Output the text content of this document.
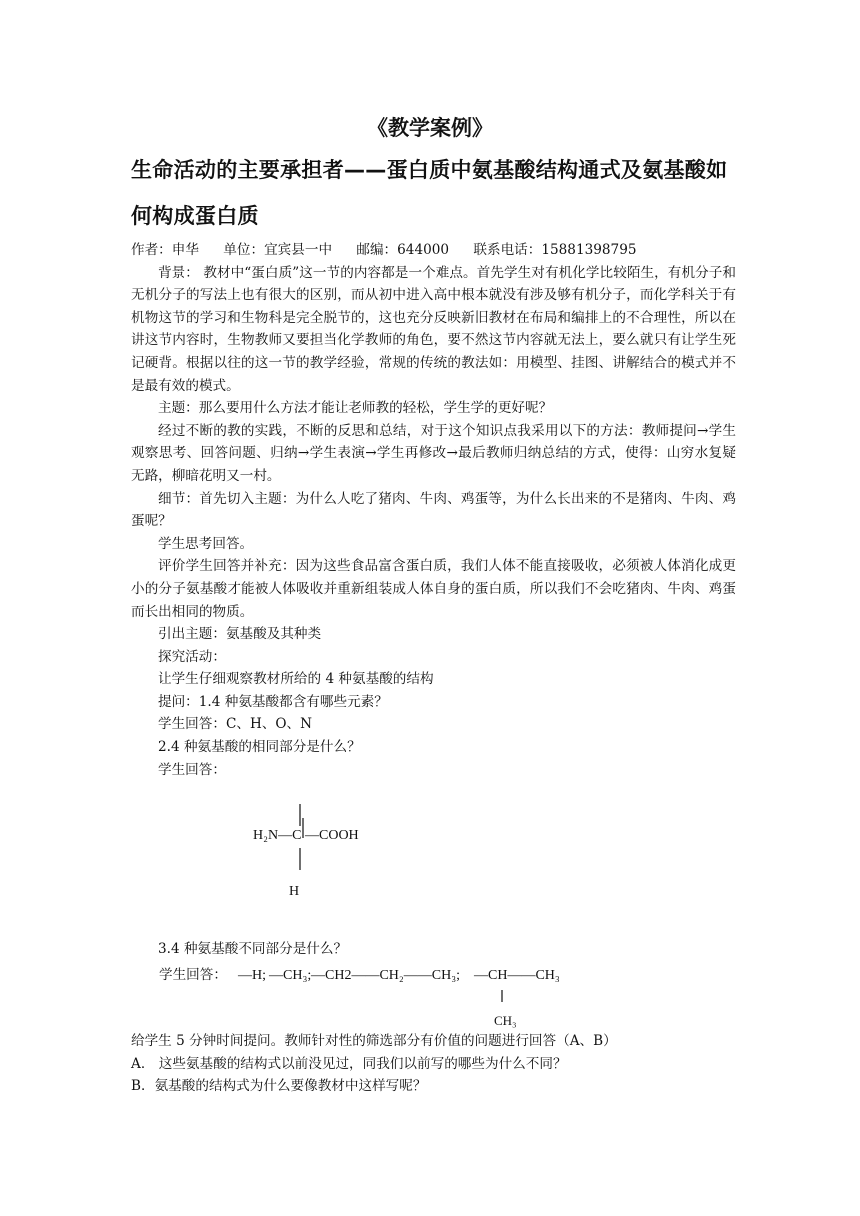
《教学案例》
生命活动的主要承担者——蛋白质中氨基酸结构通式及氨基酸如何构成蛋白质

作者：申华 单位：宜宾县一中 邮编：644000 联系电话：15881398795

背景： 教材中“蛋白质”这一节的内容都是一个难点。首先学生对有机化学比较陌生，有机分子和无机分子的写法上也有很大的区别，而从初中进入高中根本就没有涉及够有机分子，而化学科关于有机物这节的学习和生物科是完全脱节的，这也充分反映新旧教材在布局和编排上的不合理性，所以在讲这节内容时，生物教师又要担当化学教师的角色，要不然这节内容就无法上，要么就只有让学生死记硬背。根据以往的这一节的教学经验，常规的传统的教法如：用模型、挂图、讲解结合的模式并不是最有效的模式。

主题：那么要用什么方法才能让老师教的轻松，学生学的更好呢？

经过不断的教的实践，不断的反思和总结，对于这个知识点我采用以下的方法：教师提问→学生观察思考、回答问题、归纳→学生表演→学生再修改→最后教师归纳总结的方式，使得：山穷水复疑无路，柳暗花明又一村。

细节：首先切入主题：为什么人吃了猪肉、牛肉、鸡蛋等，为什么长出来的不是猪肉、牛肉、鸡蛋呢？

学生思考回答。

评价学生回答并补充：因为这些食品富含蛋白质，我们人体不能直接吸收，必须被人体消化成更小的分子氨基酸才能被人体吸收并重新组装成人体自身的蛋白质，所以我们不会吃猪肉、牛肉、鸡蛋而长出相同的物质。

引出主题：氨基酸及其种类

探究活动：

让学生仔细观察教材所给的 4 种氨基酸的结构

提问：1.4 种氨基酸都含有哪些元素？

学生回答：C、H、O、N

2.4 种氨基酸的相同部分是什么？

学生回答：

H₂N—C —COOH
H

3.4 种氨基酸不同部分是什么？

学生回答： —H; —CH₃; —CH2——CH₂——CH₃; —CH——CH₃
CH₃

给学生 5 分钟时间提问。教师针对性的筛选部分有价值的问题进行回答（A、B）

A． 这些氨基酸的结构式以前没见过，同我们以前写的哪些为什么不同？

B．氨基酸的结构式为什么要像教材中这样写呢？
